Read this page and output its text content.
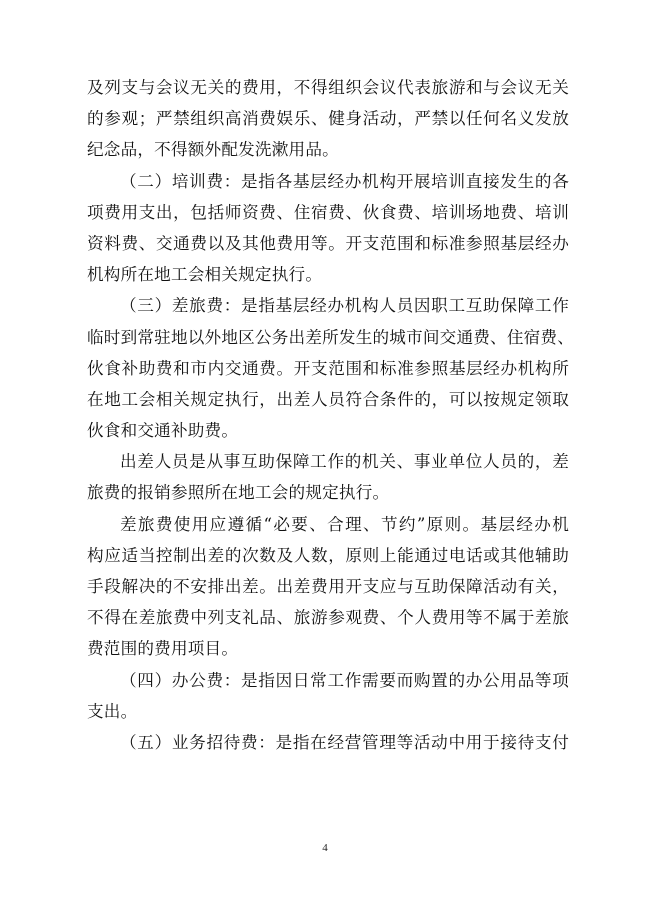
及列支与会议无关的费用，不得组织会议代表旅游和与会议无关
的参观；严禁组织高消费娱乐、健身活动，严禁以任何名义发放
纪念品，不得额外配发洗漱用品。
（二）培训费：是指各基层经办机构开展培训直接发生的各
项费用支出，包括师资费、住宿费、伙食费、培训场地费、培训
资料费、交通费以及其他费用等。开支范围和标准参照基层经办
机构所在地工会相关规定执行。
（三）差旅费：是指基层经办机构人员因职工互助保障工作
临时到常驻地以外地区公务出差所发生的城市间交通费、住宿费、
伙食补助费和市内交通费。开支范围和标准参照基层经办机构所
在地工会相关规定执行，出差人员符合条件的，可以按规定领取
伙食和交通补助费。
出差人员是从事互助保障工作的机关、事业单位人员的，差
旅费的报销参照所在地工会的规定执行。
差旅费使用应遵循“必要、合理、节约”原则。基层经办机
构应适当控制出差的次数及人数，原则上能通过电话或其他辅助
手段解决的不安排出差。出差费用开支应与互助保障活动有关，
不得在差旅费中列支礼品、旅游参观费、个人费用等不属于差旅
费范围的费用项目。
（四）办公费：是指因日常工作需要而购置的办公用品等项
支出。
（五）业务招待费：是指在经营管理等活动中用于接待支付
4
